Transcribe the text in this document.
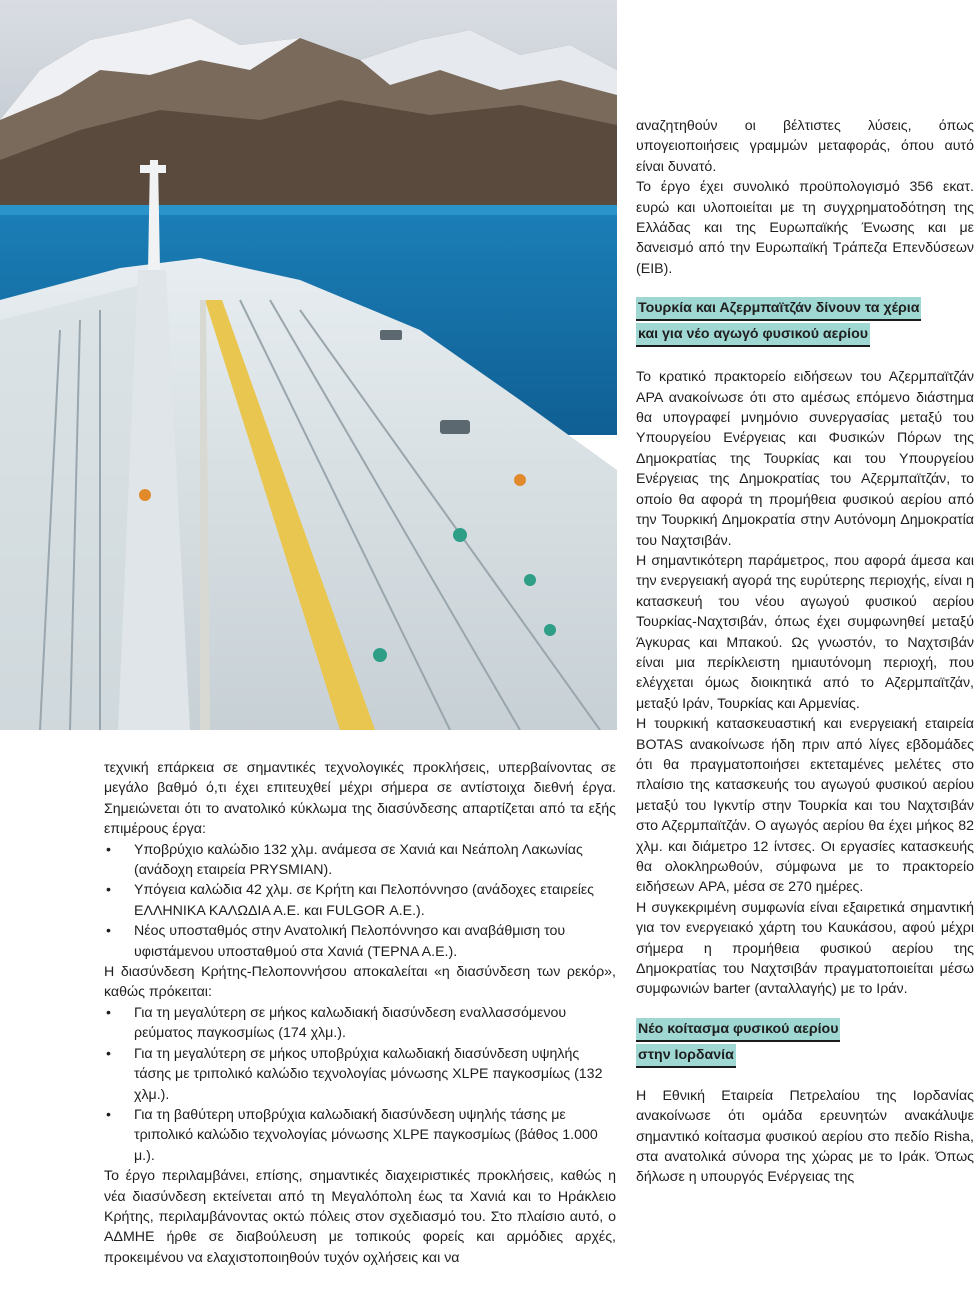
τεχνική επάρκεια σε σημαντικές τεχνολογικές προκλήσεις, υπερβαίνοντας σε μεγάλο βαθμό ό,τι έχει επιτευχθεί μέχρι σήμερα σε αντίστοιχα διεθνή έργα. Σημειώνεται ότι το ανατολικό κύκλωμα της διασύνδεσης απαρτίζεται από τα εξής επιμέρους έργα:

• Υποβρύχιο καλώδιο 132 χλμ. ανάμεσα σε Χανιά και Νεάπολη Λακωνίας (ανάδοχη εταιρεία PRYSMIAN).
• Υπόγεια καλώδια 42 χλμ. σε Κρήτη και Πελοπόννησο (ανάδοχες εταιρείες ΕΛΛΗΝΙΚΑ ΚΑΛΩΔΙΑ Α.Ε. και FULGOR Α.Ε.).
• Νέος υποσταθμός στην Ανατολική Πελοπόννησο και αναβάθμιση του υφιστάμενου υποσταθμού στα Χανιά (ΤΕΡΝΑ Α.Ε.).

Η διασύνδεση Κρήτης-Πελοποννήσου αποκαλείται «η διασύνδεση των ρεκόρ», καθώς πρόκειται:

• Για τη μεγαλύτερη σε μήκος καλωδιακή διασύνδεση εναλλασσόμενου ρεύματος παγκοσμίως (174 χλμ.).
• Για τη μεγαλύτερη σε μήκος υποβρύχια καλωδιακή διασύνδεση υψηλής τάσης με τριπολικό καλώδιο τεχνολογίας μόνωσης XLPE παγκοσμίως (132 χλμ.).
• Για τη βαθύτερη υποβρύχια καλωδιακή διασύνδεση υψηλής τάσης με τριπολικό καλώδιο τεχνολογίας μόνωσης XLPE παγκοσμίως (βάθος 1.000 μ.).

Το έργο περιλαμβάνει, επίσης, σημαντικές διαχειριστικές προκλήσεις, καθώς η νέα διασύνδεση εκτείνεται από τη Μεγαλόπολη έως τα Χανιά και το Ηράκλειο Κρήτης, περιλαμβάνοντας οκτώ πόλεις στον σχεδιασμό του. Στο πλαίσιο αυτό, ο ΑΔΜΗΕ ήρθε σε διαβούλευση με τοπικούς φορείς και αρμόδιες αρχές, προκειμένου να ελαχιστοποιηθούν τυχόν οχλήσεις και να

αναζητηθούν οι βέλτιστες λύσεις, όπως υπογειοποιήσεις γραμμών μεταφοράς, όπου αυτό είναι δυνατό.

Το έργο έχει συνολικό προϋπολογισμό 356 εκατ. ευρώ και υλοποιείται με τη συγχρηματοδότηση της Ελλάδας και της Ευρωπαϊκής Ένωσης και με δανεισμό από την Ευρωπαϊκή Τράπεζα Επενδύσεων (EIB).

Τουρκία και Αζερμπαϊτζάν δίνουν τα χέρια
και για νέο αγωγό φυσικού αερίου

Το κρατικό πρακτορείο ειδήσεων του Αζερμπαϊτζάν APA ανακοίνωσε ότι στο αμέσως επόμενο διάστημα θα υπογραφεί μνημόνιο συνεργασίας μεταξύ του Υπουργείου Ενέργειας και Φυσικών Πόρων της Δημοκρατίας της Τουρκίας και του Υπουργείου Ενέργειας της Δημοκρατίας του Αζερμπαϊτζάν, το οποίο θα αφορά τη προμήθεια φυσικού αερίου από την Τουρκική Δημοκρατία στην Αυτόνομη Δημοκρατία του Ναχτσιβάν.

Η σημαντικότερη παράμετρος, που αφορά άμεσα και την ενεργειακή αγορά της ευρύτερης περιοχής, είναι η κατασκευή του νέου αγωγού φυσικού αερίου Τουρκίας-Ναχτσιβάν, όπως έχει συμφωνηθεί μεταξύ Άγκυρας και Μπακού. Ως γνωστόν, το Ναχτσιβάν είναι μια περίκλειστη ημιαυτόνομη περιοχή, που ελέγχεται όμως διοικητικά από το Αζερμπαϊτζάν, μεταξύ Ιράν, Τουρκίας και Αρμενίας.

Η τουρκική κατασκευαστική και ενεργειακή εταιρεία BOTAS ανακοίνωσε ήδη πριν από λίγες εβδομάδες ότι θα πραγματοποιήσει εκτεταμένες μελέτες στο πλαίσιο της κατασκευής του αγωγού φυσικού αερίου μεταξύ του Ιγκντίρ στην Τουρκία και του Ναχτσιβάν στο Αζερμπαϊτζάν. Ο αγωγός αερίου θα έχει μήκος 82 χλμ. και διάμετρο 12 ίντσες. Οι εργασίες κατασκευής θα ολοκληρωθούν, σύμφωνα με το πρακτορείο ειδήσεων APA, μέσα σε 270 ημέρες.

Η συγκεκριμένη συμφωνία είναι εξαιρετικά σημαντική για τον ενεργειακό χάρτη του Καυκάσου, αφού μέχρι σήμερα η προμήθεια φυσικού αερίου της Δημοκρατίας του Ναχτσιβάν πραγματοποιείται μέσω συμφωνιών barter (ανταλλαγής) με το Ιράν.

Νέο κοίτασμα φυσικού αερίου
στην Ιορδανία

Η Εθνική Εταιρεία Πετρελαίου της Ιορδανίας ανακοίνωσε ότι ομάδα ερευνητών ανακάλυψε σημαντικό κοίτασμα φυσικού αερίου στο πεδίο Risha, στα ανατολικά σύνορα της χώρας με το Ιράκ. Όπως δήλωσε η υπουργός Ενέργειας της
